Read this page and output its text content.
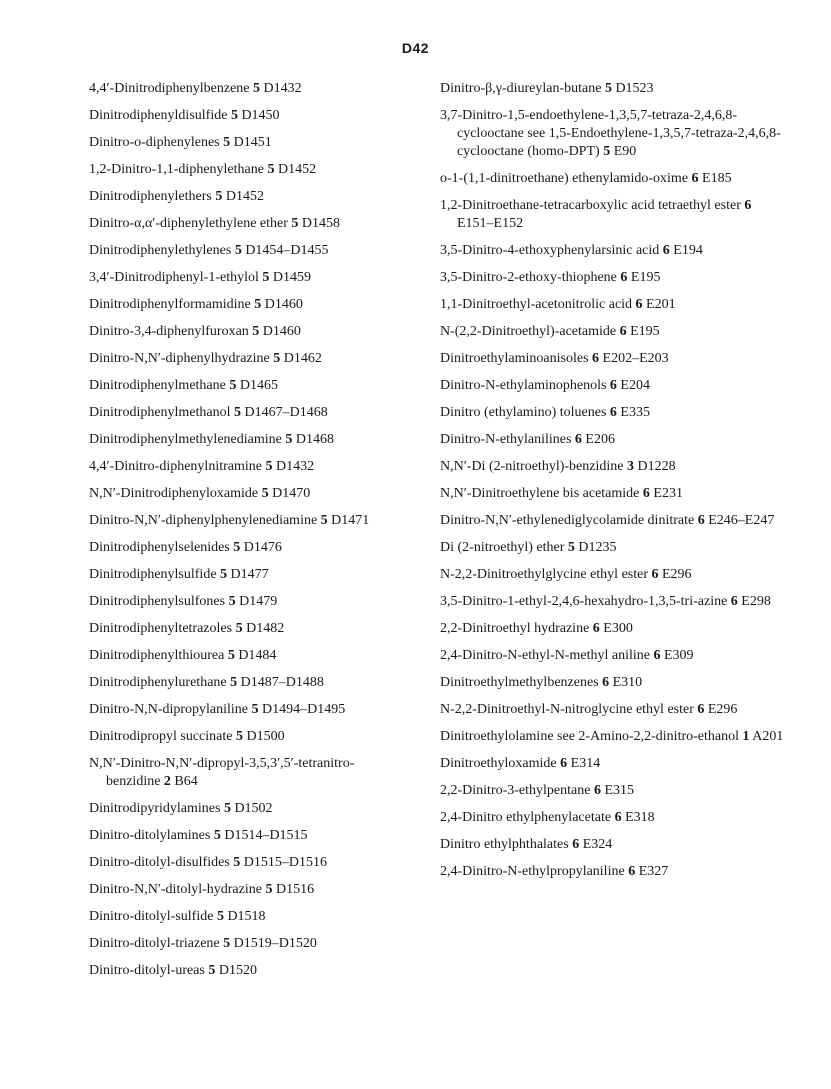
D42
4,4′-Dinitrodiphenylbenzene 5 D1432
Dinitrodiphenyldisulfide 5 D1450
Dinitro-o-diphenylenes 5 D1451
1,2-Dinitro-1,1-diphenylethane 5 D1452
Dinitrodiphenylethers 5 D1452
Dinitro-α,α′-diphenylethylene ether 5 D1458
Dinitrodiphenylethylenes 5 D1454–D1455
3,4′-Dinitrodiphenyl-1-ethylol 5 D1459
Dinitrodiphenylformamidine 5 D1460
Dinitro-3,4-diphenylfuroxan 5 D1460
Dinitro-N,N′-diphenylhydrazine 5 D1462
Dinitrodiphenylmethane 5 D1465
Dinitrodiphenylmethanol 5 D1467–D1468
Dinitrodiphenylmethylenediamine 5 D1468
4,4′-Dinitro-diphenylnitramine 5 D1432
N,N′-Dinitrodiphenyloxamide 5 D1470
Dinitro-N,N′-diphenylphenylenediamine 5 D1471
Dinitrodiphenylselenides 5 D1476
Dinitrodiphenylsulfide 5 D1477
Dinitrodiphenylsulfones 5 D1479
Dinitrodiphenyltetrazoles 5 D1482
Dinitrodiphenylthiourea 5 D1484
Dinitrodiphenylurethane 5 D1487–D1488
Dinitro-N,N-dipropylaniline 5 D1494–D1495
Dinitrodipropyl succinate 5 D1500
N,N′-Dinitro-N,N′-dipropyl-3,5,3′,5′-tetranitro-
benzidine 2 B64
Dinitrodipyridylamines 5 D1502
Dinitro-ditolylamines 5 D1514–D1515
Dinitro-ditolyl-disulfides 5 D1515–D1516
Dinitro-N,N′-ditolyl-hydrazine 5 D1516
Dinitro-ditolyl-sulfide 5 D1518
Dinitro-ditolyl-triazene 5 D1519–D1520
Dinitro-ditolyl-ureas 5 D1520
Dinitro-β,γ-diureylan-butane 5 D1523
3,7-Dinitro-1,5-endoethylene-1,3,5,7-tetraza-2,4,6,8-cyclooctane see 1,5-Endoethylene-1,3,5,7-tetraza-2,4,6,8-cyclooctane (homo-DPT) 5 E90
o-1-(1,1-dinitroethane) ethenylamido-oxime 6 E185
1,2-Dinitroethane-tetracarboxylic acid tetraethyl ester 6 E151–E152
3,5-Dinitro-4-ethoxyphenylarsinic acid 6 E194
3,5-Dinitro-2-ethoxy-thiophene 6 E195
1,1-Dinitroethyl-acetonitrolic acid 6 E201
N-(2,2-Dinitroethyl)-acetamide 6 E195
Dinitroethylaminoanisoles 6 E202–E203
Dinitro-N-ethylaminophenols 6 E204
Dinitro (ethylamino) toluenes 6 E335
Dinitro-N-ethylanilines 6 E206
N,N′-Di (2-nitroethyl)-benzidine 3 D1228
N,N′-Dinitroethylene bis acetamide 6 E231
Dinitro-N,N′-ethylenediglycolamide dinitrate 6 E246–E247
Di (2-nitroethyl) ether 5 D1235
N-2,2-Dinitroethylglycine ethyl ester 6 E296
3,5-Dinitro-1-ethyl-2,4,6-hexahydro-1,3,5-tri-azine 6 E298
2,2-Dinitroethyl hydrazine 6 E300
2,4-Dinitro-N-ethyl-N-methyl aniline 6 E309
Dinitroethylmethylbenzenes 6 E310
N-2,2-Dinitroethyl-N-nitroglycine ethyl ester 6 E296
Dinitroethylolamine see 2-Amino-2,2-dinitro-ethanol 1 A201
Dinitroethyloxamide 6 E314
2,2-Dinitro-3-ethylpentane 6 E315
2,4-Dinitro ethylphenylacetate 6 E318
Dinitro ethylphthalates 6 E324
2,4-Dinitro-N-ethylpropylaniline 6 E327
